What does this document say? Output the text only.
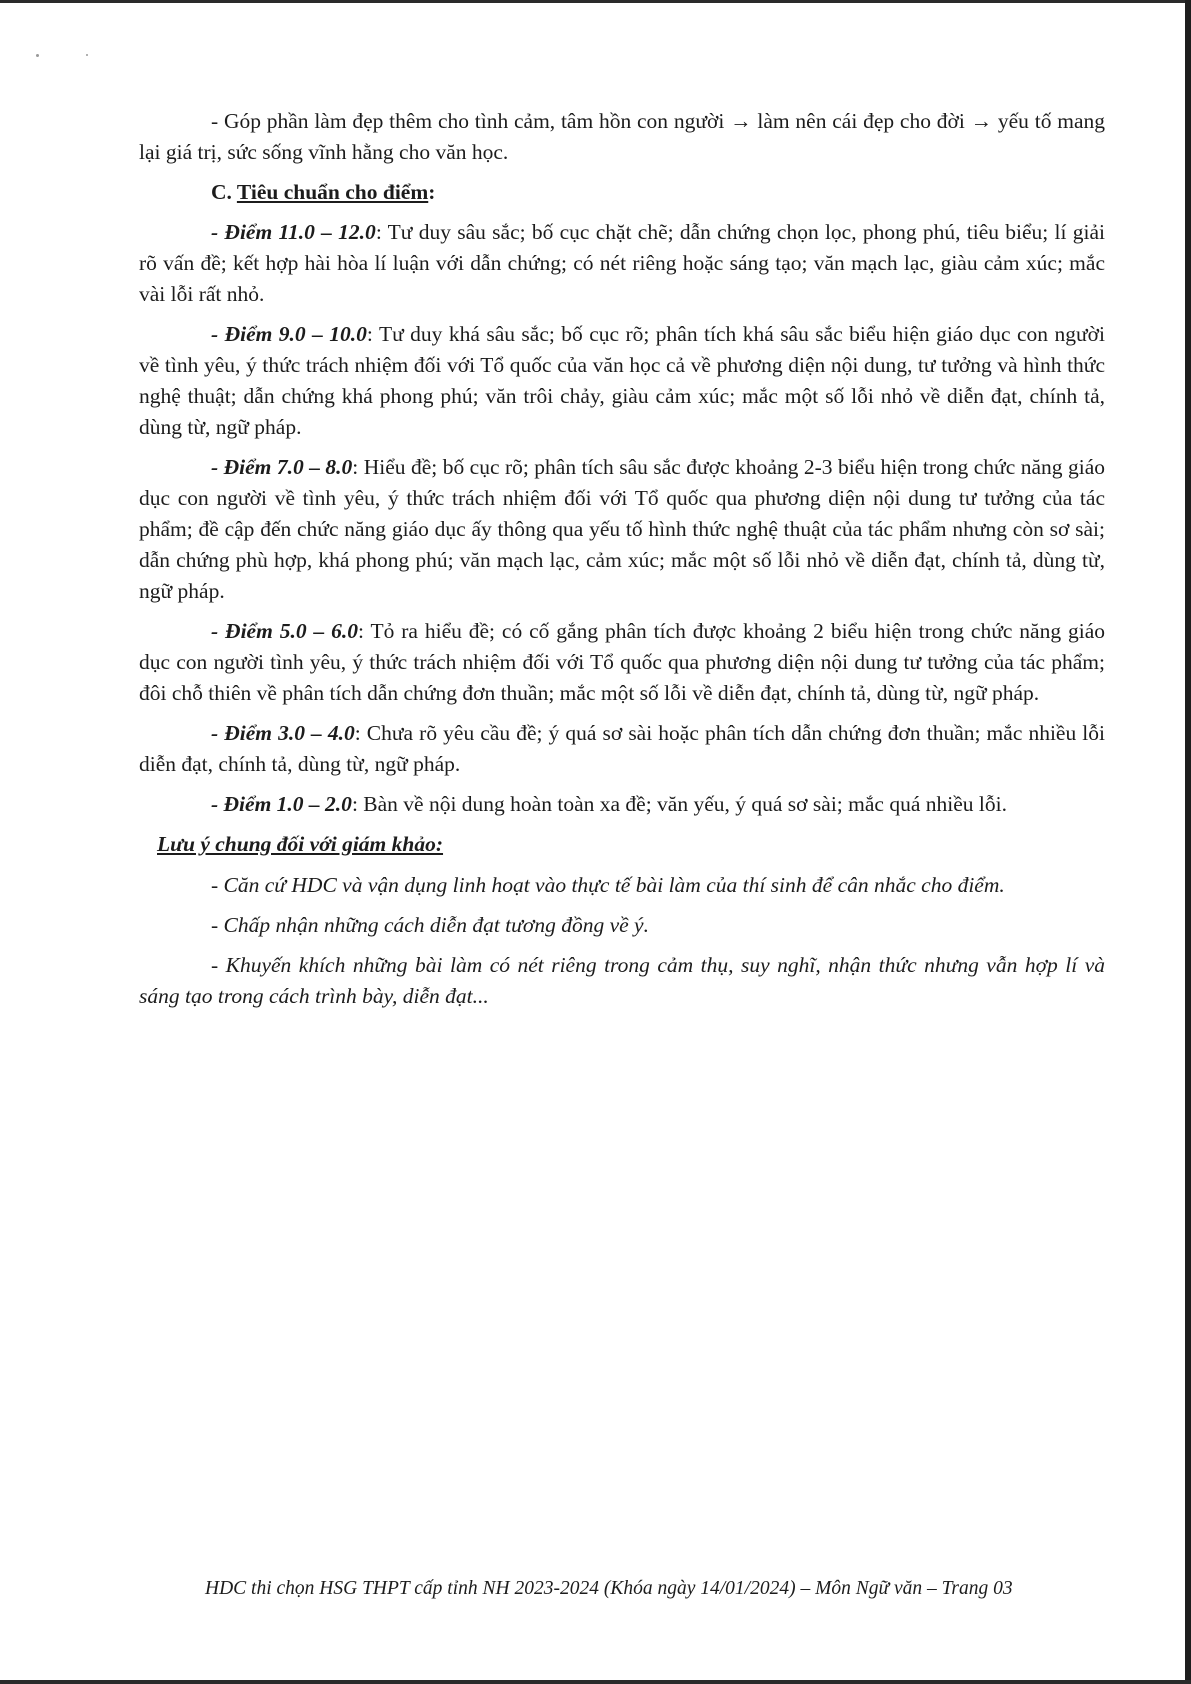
- Góp phần làm đẹp thêm cho tình cảm, tâm hồn con người → làm nên cái đẹp cho đời → yếu tố mang lại giá trị, sức sống vĩnh hằng cho văn học.

C. Tiêu chuẩn cho điểm:

- Điểm 11.0 – 12.0: Tư duy sâu sắc; bố cục chặt chẽ; dẫn chứng chọn lọc, phong phú, tiêu biểu; lí giải rõ vấn đề; kết hợp hài hòa lí luận với dẫn chứng; có nét riêng hoặc sáng tạo; văn mạch lạc, giàu cảm xúc; mắc vài lỗi rất nhỏ.

- Điểm 9.0 – 10.0: Tư duy khá sâu sắc; bố cục rõ; phân tích khá sâu sắc biểu hiện giáo dục con người về tình yêu, ý thức trách nhiệm đối với Tổ quốc của văn học cả về phương diện nội dung, tư tưởng và hình thức nghệ thuật; dẫn chứng khá phong phú; văn trôi chảy, giàu cảm xúc; mắc một số lỗi nhỏ về diễn đạt, chính tả, dùng từ, ngữ pháp.

- Điểm 7.0 – 8.0: Hiểu đề; bố cục rõ; phân tích sâu sắc được khoảng 2-3 biểu hiện trong chức năng giáo dục con người về tình yêu, ý thức trách nhiệm đối với Tổ quốc qua phương diện nội dung tư tưởng của tác phẩm; đề cập đến chức năng giáo dục ấy thông qua yếu tố hình thức nghệ thuật của tác phẩm nhưng còn sơ sài; dẫn chứng phù hợp, khá phong phú; văn mạch lạc, cảm xúc; mắc một số lỗi nhỏ về diễn đạt, chính tả, dùng từ, ngữ pháp.

- Điểm 5.0 – 6.0: Tỏ ra hiểu đề; có cố gắng phân tích được khoảng 2 biểu hiện trong chức năng giáo dục con người tình yêu, ý thức trách nhiệm đối với Tổ quốc qua phương diện nội dung tư tưởng của tác phẩm; đôi chỗ thiên về phân tích dẫn chứng đơn thuần; mắc một số lỗi về diễn đạt, chính tả, dùng từ, ngữ pháp.

- Điểm 3.0 – 4.0: Chưa rõ yêu cầu đề; ý quá sơ sài hoặc phân tích dẫn chứng đơn thuần; mắc nhiều lỗi diễn đạt, chính tả, dùng từ, ngữ pháp.

- Điểm 1.0 – 2.0: Bàn về nội dung hoàn toàn xa đề; văn yếu, ý quá sơ sài; mắc quá nhiều lỗi.

Lưu ý chung đối với giám khảo:

- Căn cứ HDC và vận dụng linh hoạt vào thực tế bài làm của thí sinh để cân nhắc cho điểm.

- Chấp nhận những cách diễn đạt tương đồng về ý.

- Khuyến khích những bài làm có nét riêng trong cảm thụ, suy nghĩ, nhận thức nhưng vẫn hợp lí và sáng tạo trong cách trình bày, diễn đạt...

HDC thi chọn HSG THPT cấp tỉnh NH 2023-2024 (Khóa ngày 14/01/2024) – Môn Ngữ văn – Trang 03
